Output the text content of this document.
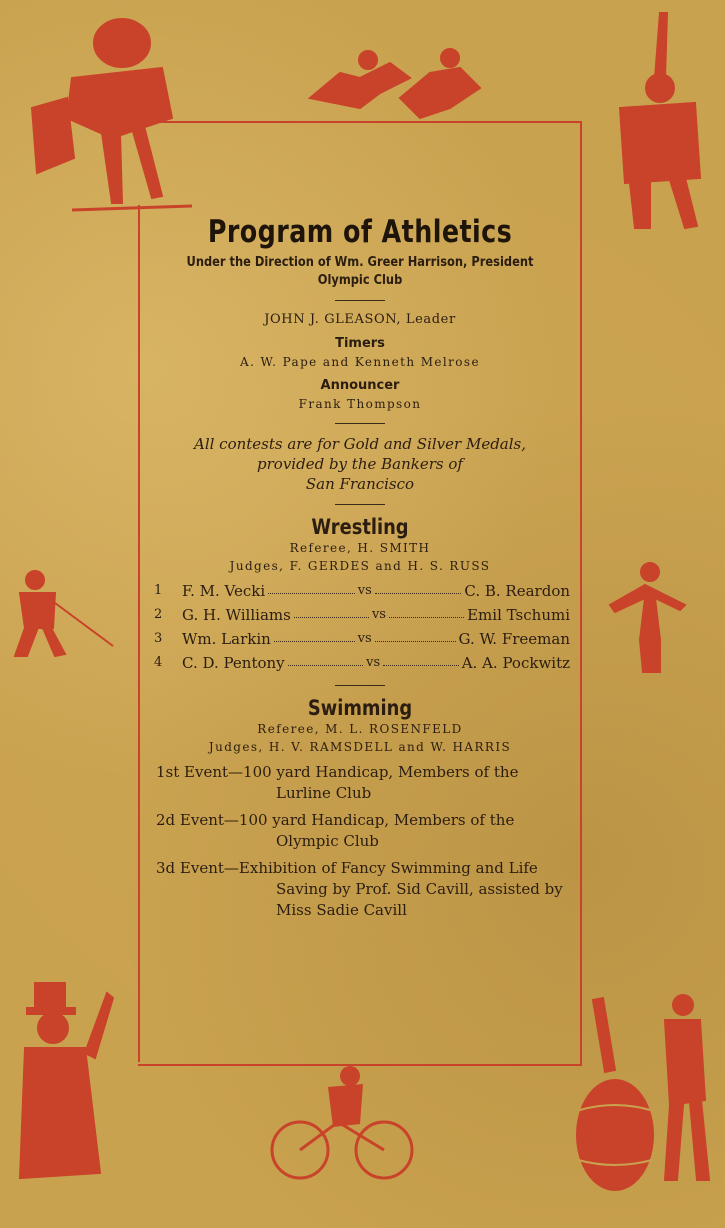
Program of Athletics
Under the Direction of Wm. Greer Harrison, President
Olympic Club
JOHN J. GLEASON, Leader
Timers
A. W. Pape and Kenneth Melrose
Announcer
Frank Thompson
All contests are for Gold and Silver Medals,
provided by the Bankers of
San Francisco
Wrestling
Referee, H. SMITH
Judges, F. GERDES and H. S. RUSS
1	F. M. Vecki	vs	C. B. Reardon
2	G. H. Williams	vs	Emil Tschumi
3	Wm. Larkin	vs	G. W. Freeman
4	C. D. Pentony	vs	A. A. Pockwitz
Swimming
Referee, M. L. ROSENFELD
Judges, H. V. RAMSDELL and W. HARRIS
1st Event—100 yard Handicap, Members of the Lurline Club
2d Event—100 yard Handicap, Members of the Olympic Club
3d Event—Exhibition of Fancy Swimming and Life Saving by Prof. Sid Cavill, assisted by Miss Sadie Cavill
